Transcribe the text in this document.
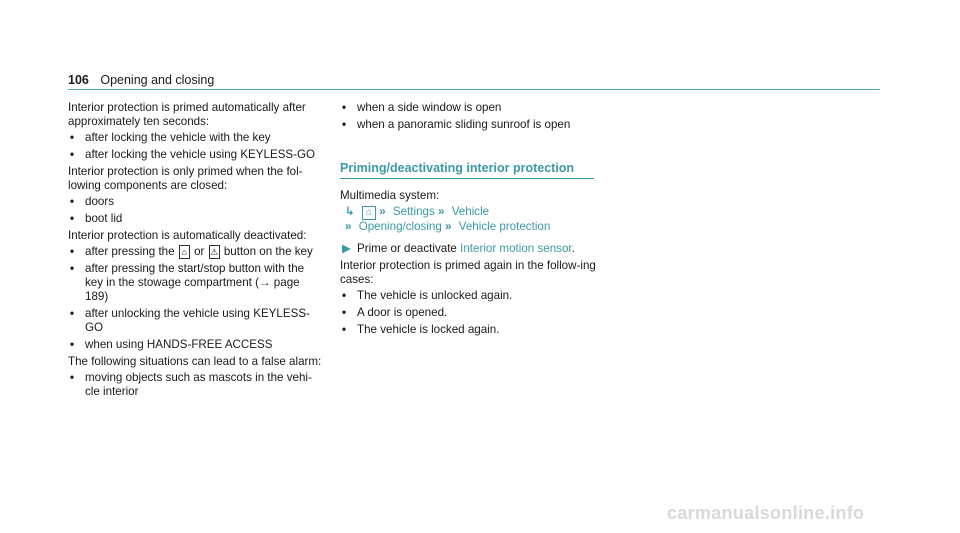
106 Opening and closing

Interior protection is primed automatically after approximately ten seconds:

• after locking the vehicle with the key
• after locking the vehicle using KEYLESS-GO

Interior protection is only primed when the fol-lowing components are closed:

• doors
• boot lid

Interior protection is automatically deactivated:

• after pressing the ⌂ or ⚠ button on the key
• after pressing the start/stop button with the key in the stowage compartment (→ page 189)
• after unlocking the vehicle using KEYLESS-GO
• when using HANDS-FREE ACCESS

The following situations can lead to a false alarm:

• moving objects such as mascots in the vehi-cle interior
• when a side window is open
• when a panoramic sliding sunroof is open
Priming/deactivating interior protection

Multimedia system:

↳ ⌂ » Settings » Vehicle
» Opening/closing » Vehicle protection
▶ Prime or deactivate Interior motion sensor.

Interior protection is primed again in the follow-ing cases:

• The vehicle is unlocked again.
• A door is opened.
• The vehicle is locked again.
carmanualsonline.info
